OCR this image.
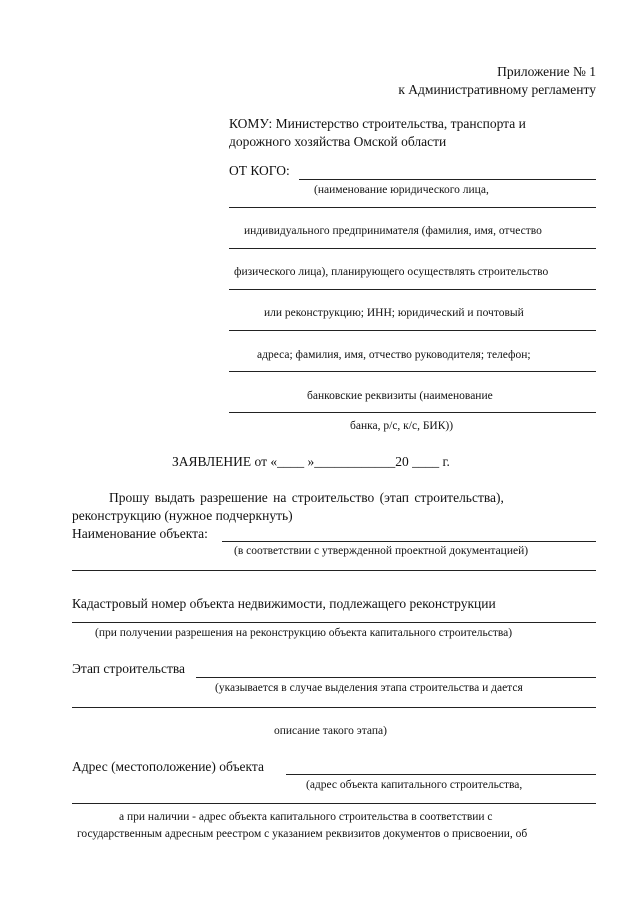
Приложение № 1
к Административному регламенту
КОМУ: Министерство строительства, транспорта и
дорожного хозяйства Омской области
ОТ КОГО:
(наименование юридического лица,
индивидуального предпринимателя (фамилия, имя, отчество
физического лица), планирующего осуществлять строительство
или реконструкцию; ИНН; юридический и почтовый
адреса; фамилия, имя, отчество руководителя; телефон;
банковские реквизиты (наименование
банка, р/с, к/с, БИК))
ЗАЯВЛЕНИЕ от «____ »____________20 ____ г.
Прошу выдать разрешение на строительство (этап строительства),
реконструкцию (нужное подчеркнуть)
Наименование объекта:
(в соответствии с утвержденной проектной документацией)
Кадастровый номер объекта недвижимости, подлежащего реконструкции
(при получении разрешения на реконструкцию объекта капитального строительства)
Этап строительства
(указывается в случае выделения этапа строительства и дается
описание такого этапа)
Адрес (местоположение) объекта
(адрес объекта капитального строительства,
а при наличии - адрес объекта капитального строительства в соответствии с
государственным адресным реестром с указанием реквизитов документов о присвоении, об
